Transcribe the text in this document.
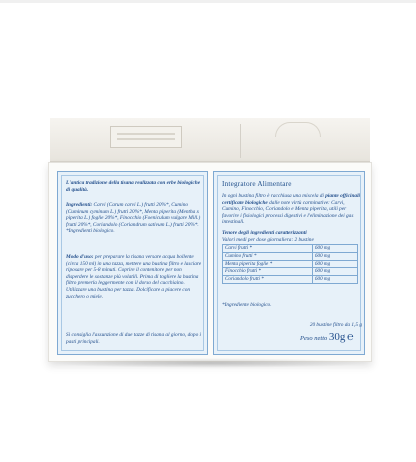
L'antica tradizione della tisana realizzata con erbe biologiche di qualità.
Ingredienti: Carvi (Carum carvi L.) frutti 20%*, Cumino (Cuminum cyminum L.) frutti 20%*, Menta piperita (Mentha x piperita L.) foglie 20%*, Finocchio (Foeniculum vulgare Mill.) frutti 20%*, Coriandolo (Coriandrum sativum L.) frutti 20%*. *Ingredienti biologico.
Modo d'uso: per preparare la tisana versare acqua bollente (circa 150 ml) in una tazza, mettere una bustina filtro e lasciare riposare per 5-8 minuti. Coprire il contenitore per non disperdere le sostanze più volatili. Prima di togliere la bustina filtro premerla leggermente con il dorso del cucchiaino. Utilizzare una bustina per tazza. Dolcificare a piacere con zucchero o miele.
Si consiglia l'assunzione di due tazze di tisana al giorno, dopo i pasti principali.
Integratore Alimentare
In ogni bustina filtro è racchiusa una miscela di piante officinali certificate biologiche dalle note virtù carminative: Carvi, Cumino, Finocchio, Coriandolo e Menta piperita, utili per favorire i fisiologici processi digestivi e l'eliminazione dei gas intestinali.
Tenore degli ingredienti caratterizzanti
Valori medi per dose giornaliera: 2 bustine
Carvi frutti *	600 mg
Cumino frutti *	600 mg
Menta piperita foglie *	600 mg
Finocchio frutti *	600 mg
Coriandolo frutti *	600 mg
*Ingrediente biologico.
20 bustine filtro da 1,5 g
Peso netto 30g ℮
